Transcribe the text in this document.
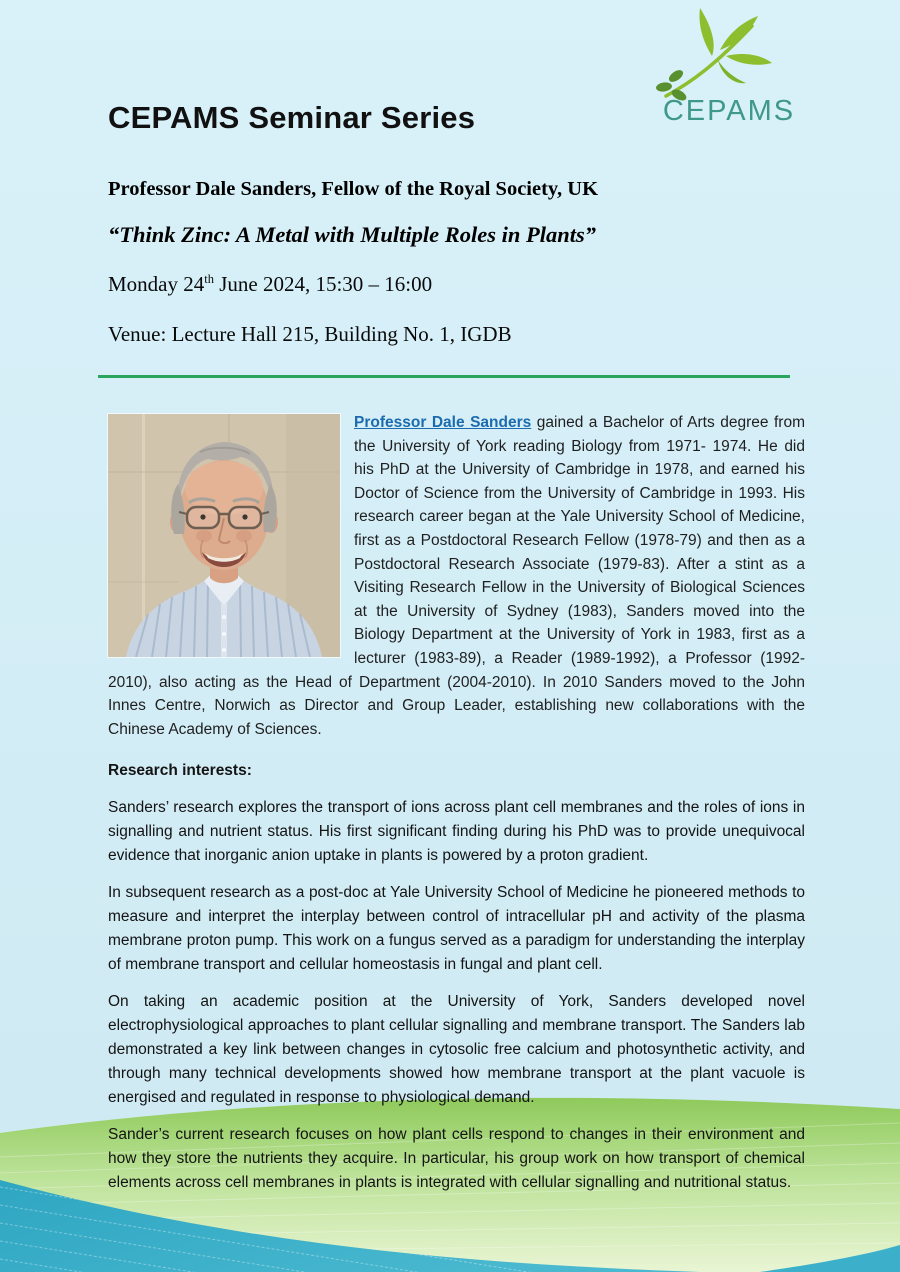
CEPAMS
CEPAMS Seminar Series
Professor Dale Sanders, Fellow of the Royal Society, UK
“Think Zinc: A Metal with Multiple Roles in Plants”
Monday 24th June 2024, 15:30 – 16:00
Venue: Lecture Hall 215, Building No. 1, IGDB

Professor Dale Sanders gained a Bachelor of Arts degree from the University of York reading Biology from 1971- 1974. He did his PhD at the University of Cambridge in 1978, and earned his Doctor of Science from the University of Cambridge in 1993. His research career began at the Yale University School of Medicine, first as a Postdoctoral Research Fellow (1978-79) and then as a Postdoctoral Research Associate (1979-83). After a stint as a Visiting Research Fellow in the University of Biological Sciences at the University of Sydney (1983), Sanders moved into the Biology Department at the University of York in 1983, first as a lecturer (1983-89), a Reader (1989-1992), a Professor (1992-2010), also acting as the Head of Department (2004-2010). In 2010 Sanders moved to the John Innes Centre, Norwich as Director and Group Leader, establishing new collaborations with the Chinese Academy of Sciences.

Research interests:

Sanders’ research explores the transport of ions across plant cell membranes and the roles of ions in signalling and nutrient status. His first significant finding during his PhD was to provide unequivocal evidence that inorganic anion uptake in plants is powered by a proton gradient.

In subsequent research as a post-doc at Yale University School of Medicine he pioneered methods to measure and interpret the interplay between control of intracellular pH and activity of the plasma membrane proton pump. This work on a fungus served as a paradigm for understanding the interplay of membrane transport and cellular homeostasis in fungal and plant cell.

On taking an academic position at the University of York, Sanders developed novel electrophysiological approaches to plant cellular signalling and membrane transport. The Sanders lab demonstrated a key link between changes in cytosolic free calcium and photosynthetic activity, and through many technical developments showed how membrane transport at the plant vacuole is energised and regulated in response to physiological demand.

Sander’s current research focuses on how plant cells respond to changes in their environment and how they store the nutrients they acquire. In particular, his group work on how transport of chemical elements across cell membranes in plants is integrated with cellular signalling and nutritional status.
